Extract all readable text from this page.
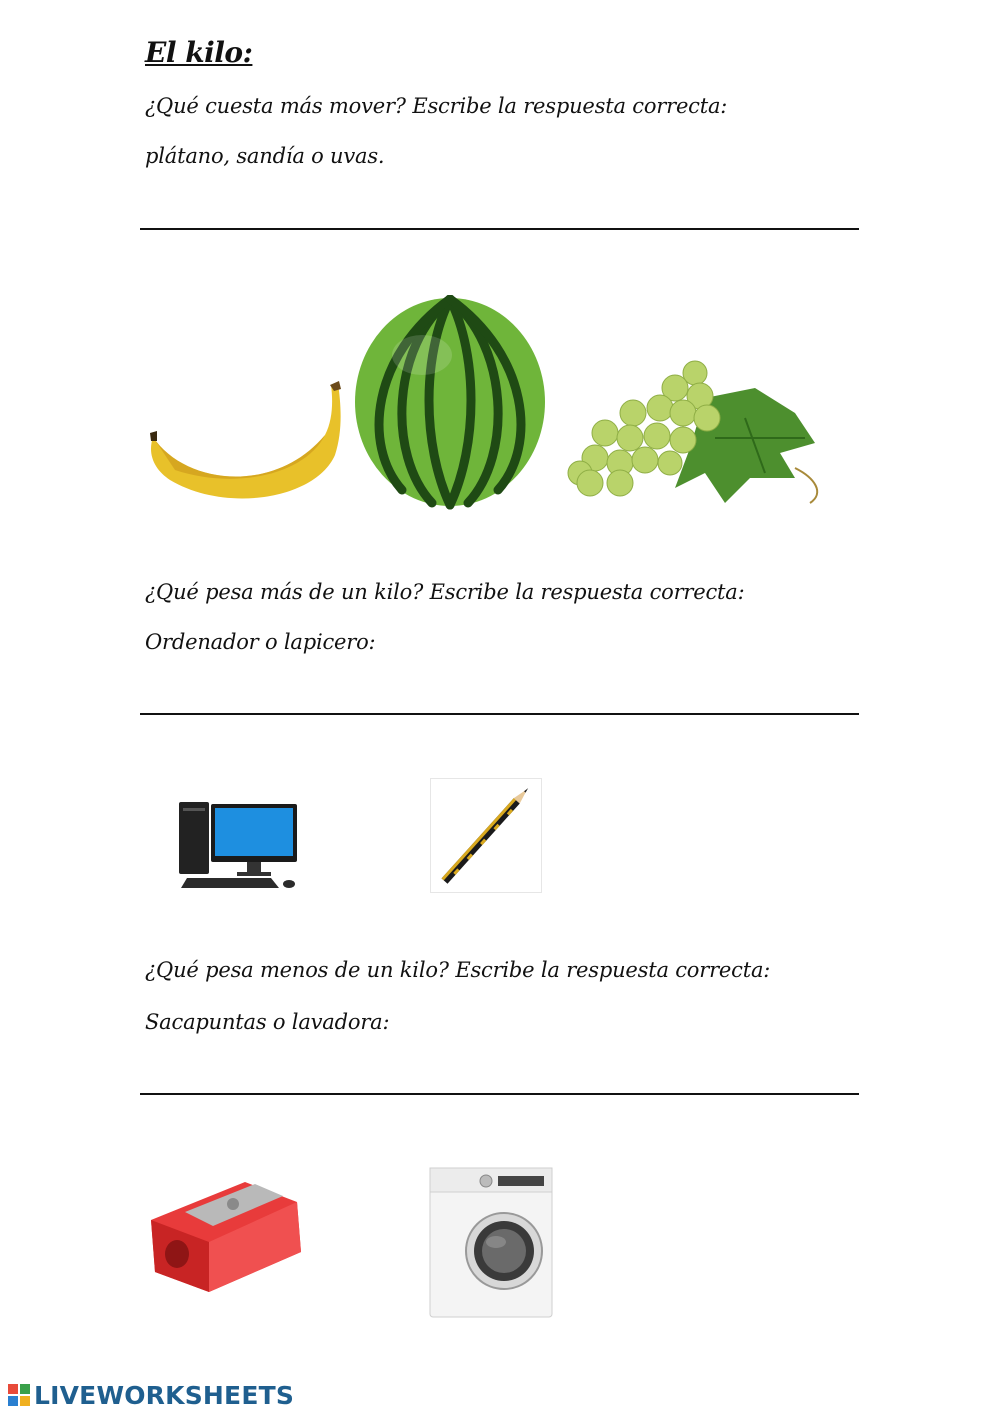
El kilo:
¿Qué cuesta más mover? Escribe la respuesta correcta:
plátano, sandía o uvas.
¿Qué pesa más de un kilo? Escribe la respuesta correcta:
Ordenador o lapicero:
¿Qué pesa menos de un kilo? Escribe la respuesta correcta:
Sacapuntas o lavadora:
LIVEWORKSHEETS
